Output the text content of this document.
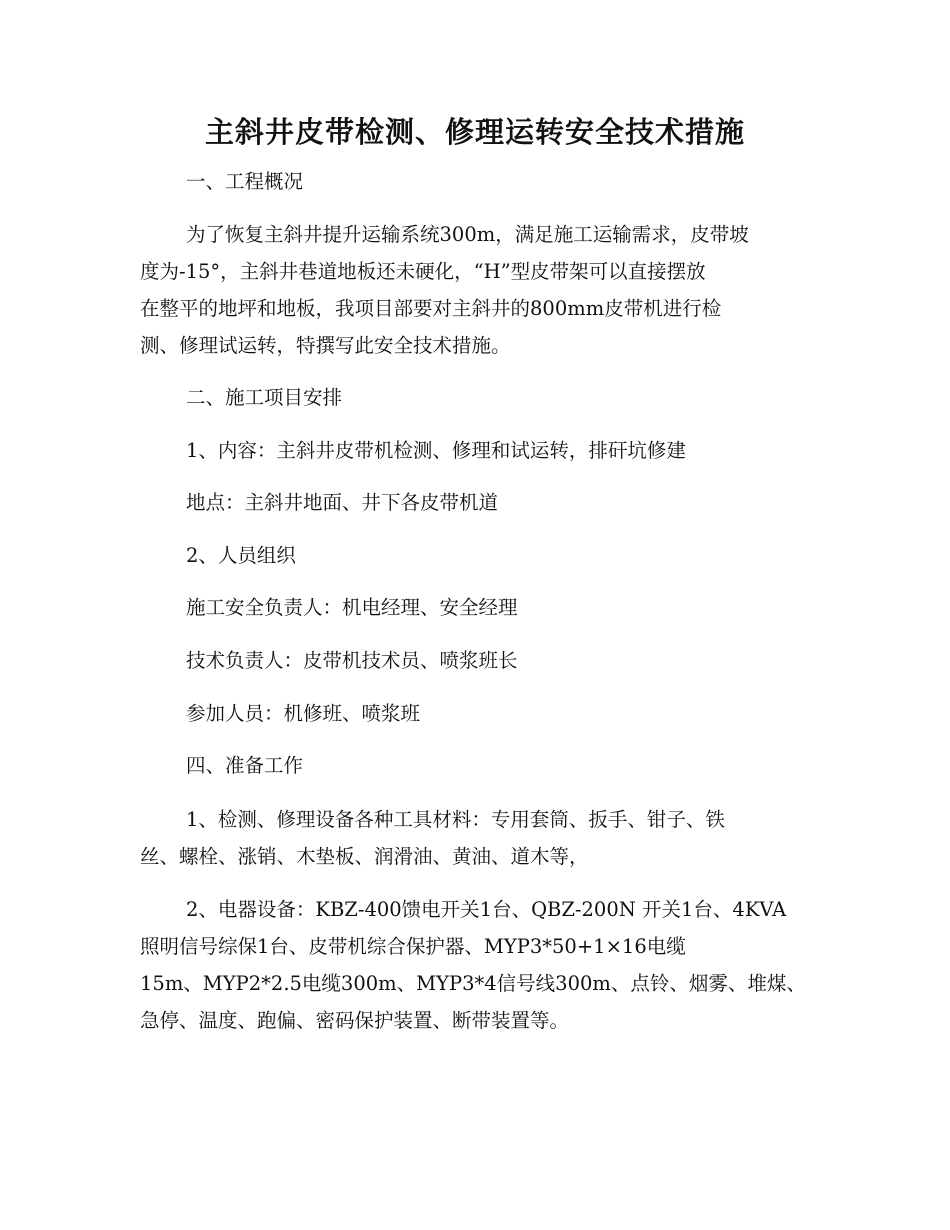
主斜井皮带检测、修理运转安全技术措施
一、工程概况
为了恢复主斜井提升运输系统300m，满足施工运输需求，皮带坡
度为-15°，主斜井巷道地板还未硬化，“H”型皮带架可以直接摆放
在整平的地坪和地板，我项目部要对主斜井的800mm皮带机进行检
测、修理试运转，特撰写此安全技术措施。
二、施工项目安排
1、内容：主斜井皮带机检测、修理和试运转，排矸坑修建
地点：主斜井地面、井下各皮带机道
2、人员组织
施工安全负责人：机电经理、安全经理
技术负责人：皮带机技术员、喷浆班长
参加人员：机修班、喷浆班
四、准备工作
1、检测、修理设备各种工具材料：专用套筒、扳手、钳子、铁
丝、螺栓、涨销、木垫板、润滑油、黄油、道木等，
2、电器设备：KBZ-400馈电开关1台、QBZ-200N 开关1台、4KVA
照明信号综保1台、皮带机综合保护器、MYP3*50+1×16电缆
15m、MYP2*2.5电缆300m、MYP3*4信号线300m、点铃、烟雾、堆煤、
急停、温度、跑偏、密码保护装置、断带装置等。
